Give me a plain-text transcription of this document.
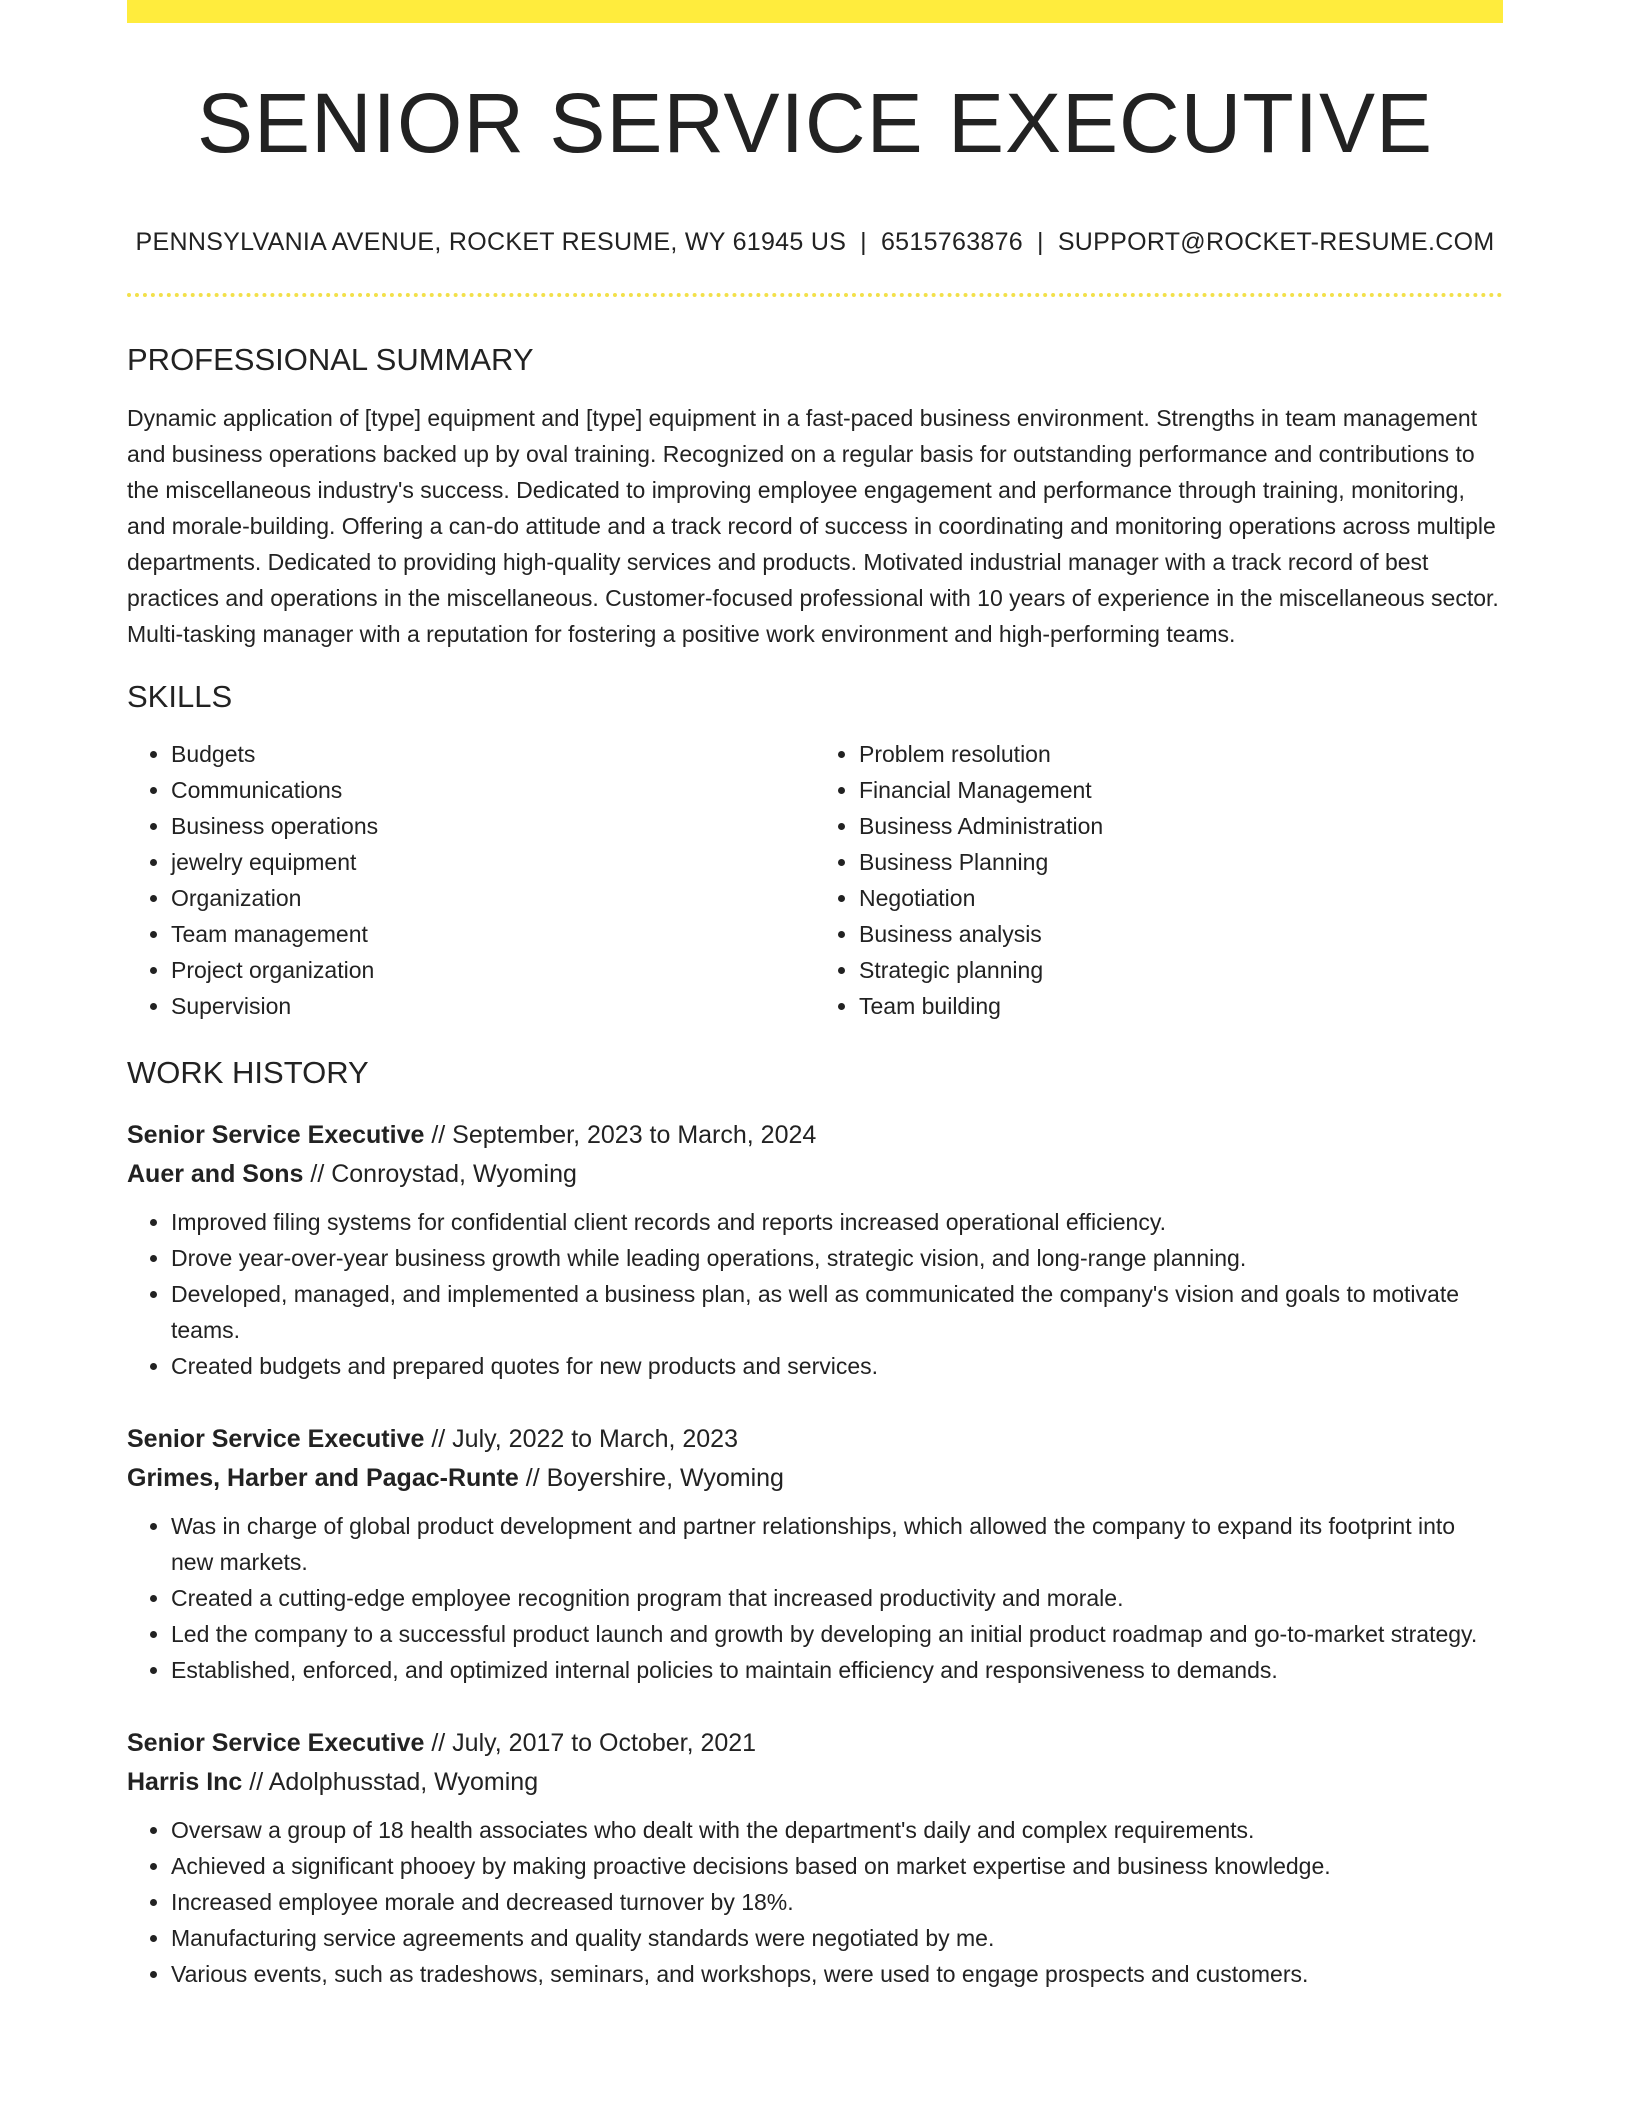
SENIOR SERVICE EXECUTIVE
PENNSYLVANIA AVENUE, ROCKET RESUME, WY 61945 US | 6515763876 | SUPPORT@ROCKET-RESUME.COM
PROFESSIONAL SUMMARY

Dynamic application of [type] equipment and [type] equipment in a fast-paced business environment. Strengths in team management and business operations backed up by oval training. Recognized on a regular basis for outstanding performance and contributions to the miscellaneous industry's success. Dedicated to improving employee engagement and performance through training, monitoring, and morale-building. Offering a can-do attitude and a track record of success in coordinating and monitoring operations across multiple departments. Dedicated to providing high-quality services and products. Motivated industrial manager with a track record of best practices and operations in the miscellaneous. Customer-focused professional with 10 years of experience in the miscellaneous sector. Multi-tasking manager with a reputation for fostering a positive work environment and high-performing teams.

SKILLS
• Budgets
• Communications
• Business operations
• jewelry equipment
• Organization
• Team management
• Project organization
• Supervision
• Problem resolution
• Financial Management
• Business Administration
• Business Planning
• Negotiation
• Business analysis
• Strategic planning
• Team building
WORK HISTORY
Senior Service Executive // September, 2023 to March, 2024
Auer and Sons // Conroystad, Wyoming
• Improved filing systems for confidential client records and reports increased operational efficiency.
• Drove year-over-year business growth while leading operations, strategic vision, and long-range planning.
• Developed, managed, and implemented a business plan, as well as communicated the company's vision and goals to motivate teams.
• Created budgets and prepared quotes for new products and services.
Senior Service Executive // July, 2022 to March, 2023
Grimes, Harber and Pagac-Runte // Boyershire, Wyoming
• Was in charge of global product development and partner relationships, which allowed the company to expand its footprint into new markets.
• Created a cutting-edge employee recognition program that increased productivity and morale.
• Led the company to a successful product launch and growth by developing an initial product roadmap and go-to-market strategy.
• Established, enforced, and optimized internal policies to maintain efficiency and responsiveness to demands.
Senior Service Executive // July, 2017 to October, 2021
Harris Inc // Adolphusstad, Wyoming
• Oversaw a group of 18 health associates who dealt with the department's daily and complex requirements.
• Achieved a significant phooey by making proactive decisions based on market expertise and business knowledge.
• Increased employee morale and decreased turnover by 18%.
• Manufacturing service agreements and quality standards were negotiated by me.
• Various events, such as tradeshows, seminars, and workshops, were used to engage prospects and customers.
